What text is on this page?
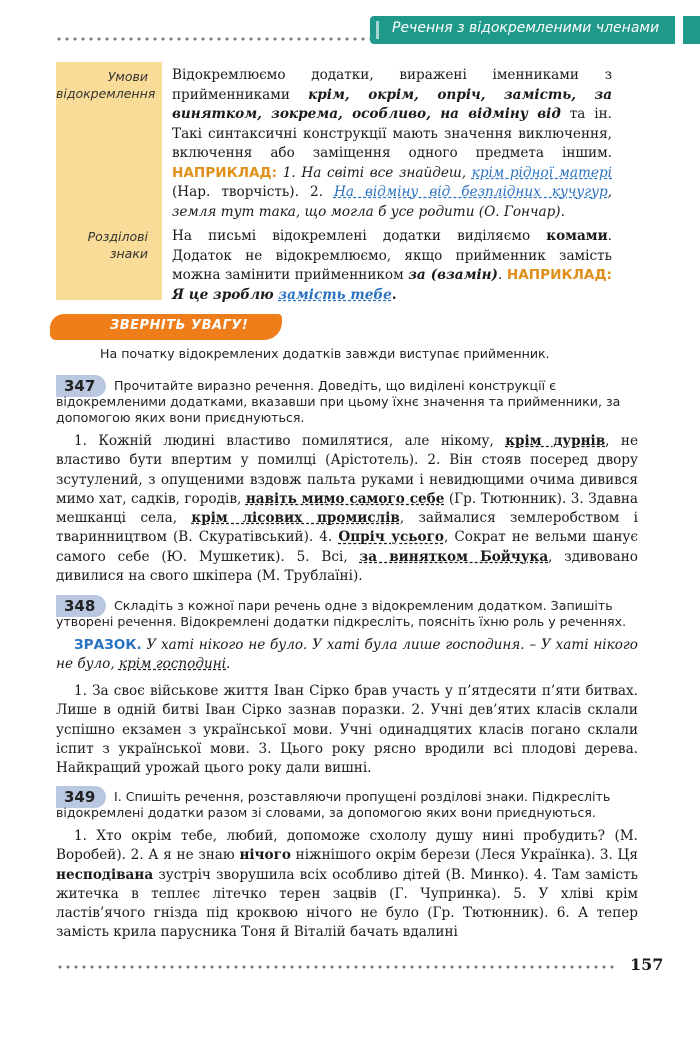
Речення з відокремленими членами
Умови відокремлення
Відокремлюємо додатки, виражені іменниками з прийменниками крім, окрім, опріч, замість, за винятком, зокрема, особливо, на відміну від та ін. Такі синтаксичні конструкції мають значення виключення, включення або заміщення одного предмета іншим. НАПРИКЛАД: 1. На світі все знайдеш, крім рідної матері (Нар. творчість). 2. На відміну від безплідних кучугур, земля тут така, що могла б усе родити (О. Гончар).
Розділові знаки
На письмі відокремлені додатки виділяємо комами. Додаток не відокремлюємо, якщо прийменник замість можна замінити прийменником за (взамін). НАПРИКЛАД: Я це зроблю замість тебе.
ЗВЕРНІТЬ УВАГУ!
На початку відокремлених додатків завжди виступає прийменник.
347	Прочитайте виразно речення. Доведіть, що виділені конструкції є відокремленими додатками, вказавши при цьому їхнє значення та прийменники, за допомогою яких вони приєднуються.
1. Кожній людині властиво помилятися, але нікому, крім дурнів, не властиво бути впертим у помилці (Арістотель). 2. Він стояв посеред двору зсутулений, з опущеними вздовж пальта руками і невидющими очима дивився мимо хат, садків, городів, навіть мимо самого себе (Гр. Тютюнник). 3. Здавна мешканці села, крім лісових промислів, займалися землеробством і тваринництвом (В. Скуратівський). 4. Опріч усього, Сократ не вельми шанує самого себе (Ю. Мушкетик). 5. Всі, за винятком Бойчука, здивовано дивилися на свого шкіпера (М. Трублаїні).
348	Складіть з кожної пари речень одне з відокремленим додатком. Запишіть утворені речення. Відокремлені додатки підкресліть, поясніть їхню роль у реченнях.
ЗРАЗОК. У хаті нікого не було. У хаті була лише господиня. – У хаті нікого не було, крім господині.
1. За своє військове життя Іван Сірко брав участь у п’ятдесяти п’яти битвах. Лише в одній битві Іван Сірко зазнав поразки. 2. Учні дев’ятих класів склали успішно екзамен з української мови. Учні одинадцятих класів погано склали іспит з української мови. 3. Цього року рясно вродили всі плодові дерева. Найкращий урожай цього року дали вишні.
349	І. Спишіть речення, розставляючи пропущені розділові знаки. Підкресліть відокремлені додатки разом зі словами, за допомогою яких вони приєднуються.
1. Хто окрім тебе, любий, допоможе схололу душу нині пробудить? (М. Воробей). 2. А я не знаю нічого ніжнішого окрім берези (Леся Українка). 3. Ця несподівана зустріч зворушила всіх особливо дітей (В. Минко). 4. Там замість житечка в теплеє літечко терен зацвів (Г. Чупринка). 5. У хліві крім ластів’ячого гнізда під кроквою нічого не було (Гр. Тютюнник). 6. А тепер замість крила парусника Тоня й Віталій бачать вдалині
157
